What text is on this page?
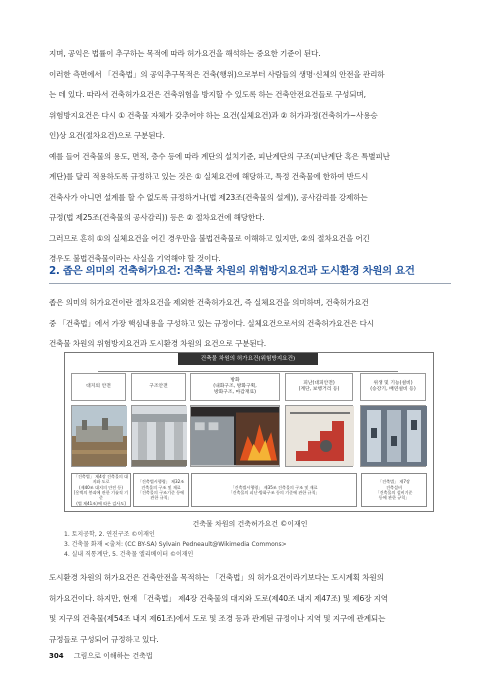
지며, 공익은 법률이 추구하는 목적에 따라 허가요건을 해석하는 중요한 기준이 된다.
이러한 측면에서 「건축법」의 공익추구목적은 건축(행위)으로부터 사람들의 생명·신체의 안전을 관리하
는 데 있다. 따라서 건축허가요건은 건축위험을 방지할 수 있도록 하는 건축안전요건들로 구성되며,
위험방지요건은 다시 ① 건축물 자체가 갖추어야 하는 요건(실체요건)과 ② 허가과정(건축허가~사용승
인)상 요건(절차요건)으로 구분된다.
예를 들어 건축물의 용도, 면적, 층수 등에 따라 계단의 설치기준, 피난계단의 구조(피난계단 혹은 특별피난
계단)를 달리 적용하도록 규정하고 있는 것은 ① 실체요건에 해당하고, 특정 건축물에 한하여 반드시
건축사가 아니면 설계를 할 수 없도록 규정하거나(법 제23조(건축물의 설계)), 공사감리를 강제하는
규정(법 제25조(건축물의 공사감리)) 등은 ② 절차요건에 해당한다.
그러므로 흔히 ①의 실체요건을 어긴 경우만을 불법건축물로 이해하고 있지만, ②의 절차요건을 어긴
경우도 불법건축물이라는 사실을 기억해야 할 것이다.
2. 좁은 의미의 건축허가요건: 건축물 차원의 위험방지요건과 도시환경 차원의 요건
좁은 의미의 허가요건이란 절차요건을 제외한 건축허가요건, 즉 실체요건을 의미하며, 건축허가요건
중 「건축법」에서 가장 핵심내용을 구성하고 있는 규정이다. 실체요건으로서의 건축허가요건은 다시
건축물 차원의 위험방지요건과 도시환경 차원의 요건으로 구분된다.
건축물 차원의 허가요건(위험방지요건)
대지의 안전	구조안전
방화
(내화구조, 방화구획,
방화구조, 마감재료)
피난(대피안전)
(계단, 보행거리 등)
위생 및 기능(설비)
(승강기, 배연설비 등)
「건축법」 제4장 건축물의 대지와 도로
(제40조 대지의 안전 등)
[옹벽의 붕괴에 관한 기술적 기준
(법 제41조)에 따른 검사도]
「건축법시행령」 제32조
건축물의 구조 및 재료
「건축물의 구조기준 등에
관한 규칙」
「건축법시행령」 제35조 건축물의 구조 및 재료
「건축물의 피난·방화구조 등의 기준에 관한 규칙」
「건축법」 제7장
건축설비
「건축물의 설비기준
등에 관한 규칙」
건축물 차원의 건축허가요건 ©이재인
1. 토지공학, 2. 연진구조 ©이재인
3. 건축물 화재 <출처: (CC BY-SA) Sylvain Pedneault@Wikimedia Commons>
4. 실내 직통계단, 5. 건축물 엘리베이터 ©이재인
도시환경 차원의 허가요건은 건축안전을 목적하는 「건축법」의 허가요건이라기보다는 도시계획 차원의
허가요건이다. 하지만, 현재 「건축법」 제4장 건축물의 대지와 도로(제40조 내지 제47조) 및 제6장 지역
및 지구의 건축물(제54조 내지 제61조)에서 도로 및 조경 등과 관계된 규정이나 지역 및 지구에 관계되는
규정들로 구성되어 규정하고 있다.
304 그림으로 이해하는 건축법
